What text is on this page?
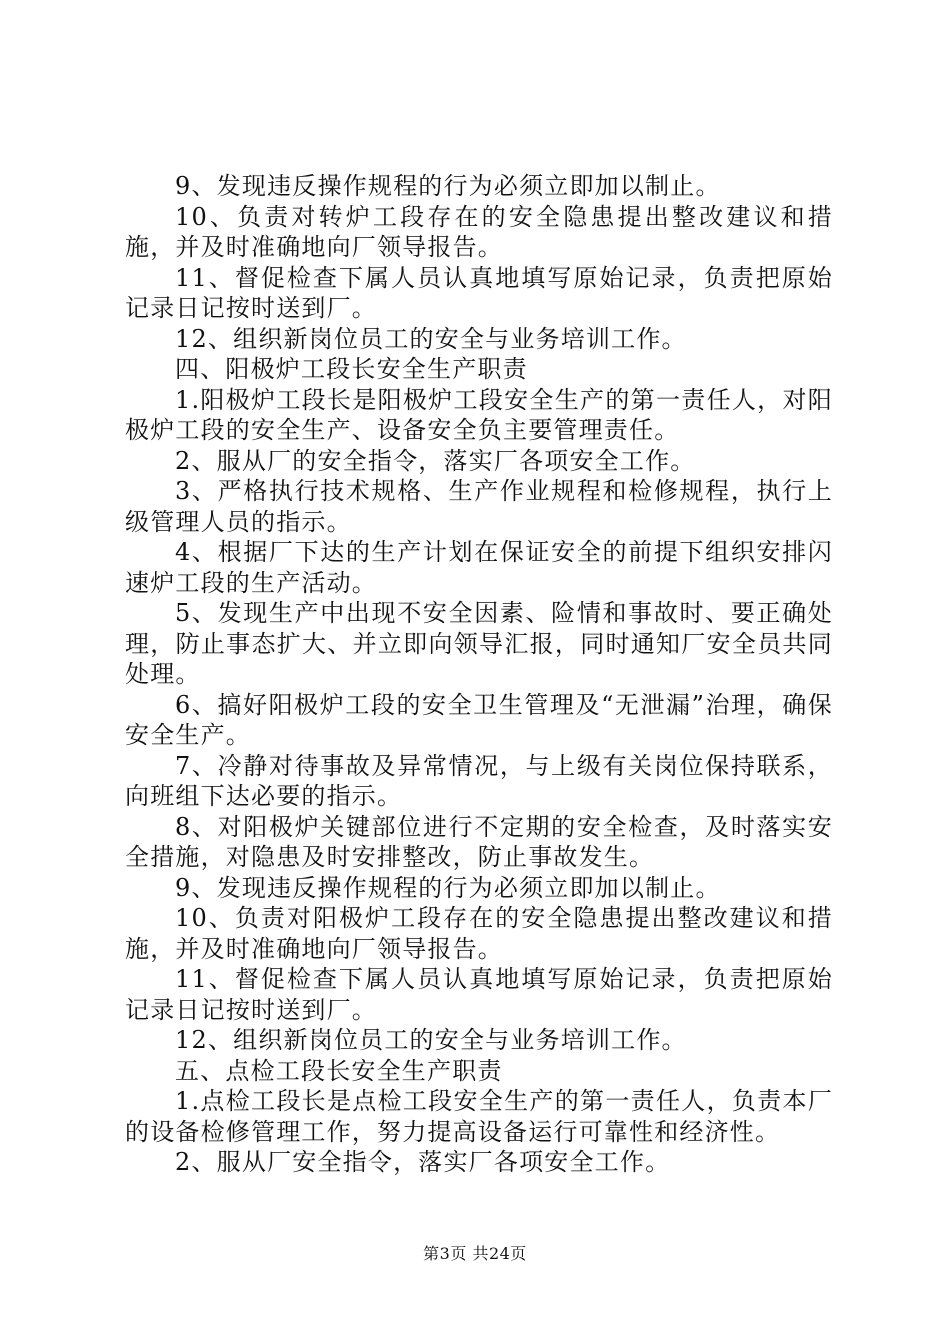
9、发现违反操作规程的行为必须立即加以制止。

10、负责对转炉工段存在的安全隐患提出整改建议和措施，并及时准确地向厂领导报告。

11、督促检查下属人员认真地填写原始记录，负责把原始记录日记按时送到厂。

12、组织新岗位员工的安全与业务培训工作。

四、阳极炉工段长安全生产职责

1.阳极炉工段长是阳极炉工段安全生产的第一责任人，对阳极炉工段的安全生产、设备安全负主要管理责任。

2、服从厂的安全指令，落实厂各项安全工作。

3、严格执行技术规格、生产作业规程和检修规程，执行上级管理人员的指示。

4、根据厂下达的生产计划在保证安全的前提下组织安排闪速炉工段的生产活动。

5、发现生产中出现不安全因素、险情和事故时、要正确处理，防止事态扩大、并立即向领导汇报，同时通知厂安全员共同处理。

6、搞好阳极炉工段的安全卫生管理及“无泄漏”治理，确保安全生产。

7、冷静对待事故及异常情况，与上级有关岗位保持联系，向班组下达必要的指示。

8、对阳极炉关键部位进行不定期的安全检查，及时落实安全措施，对隐患及时安排整改，防止事故发生。

9、发现违反操作规程的行为必须立即加以制止。

10、负责对阳极炉工段存在的安全隐患提出整改建议和措施，并及时准确地向厂领导报告。

11、督促检查下属人员认真地填写原始记录，负责把原始记录日记按时送到厂。

12、组织新岗位员工的安全与业务培训工作。

五、点检工段长安全生产职责

1.点检工段长是点检工段安全生产的第一责任人，负责本厂的设备检修管理工作，努力提高设备运行可靠性和经济性。

2、服从厂安全指令，落实厂各项安全工作。

第3页 共24页
